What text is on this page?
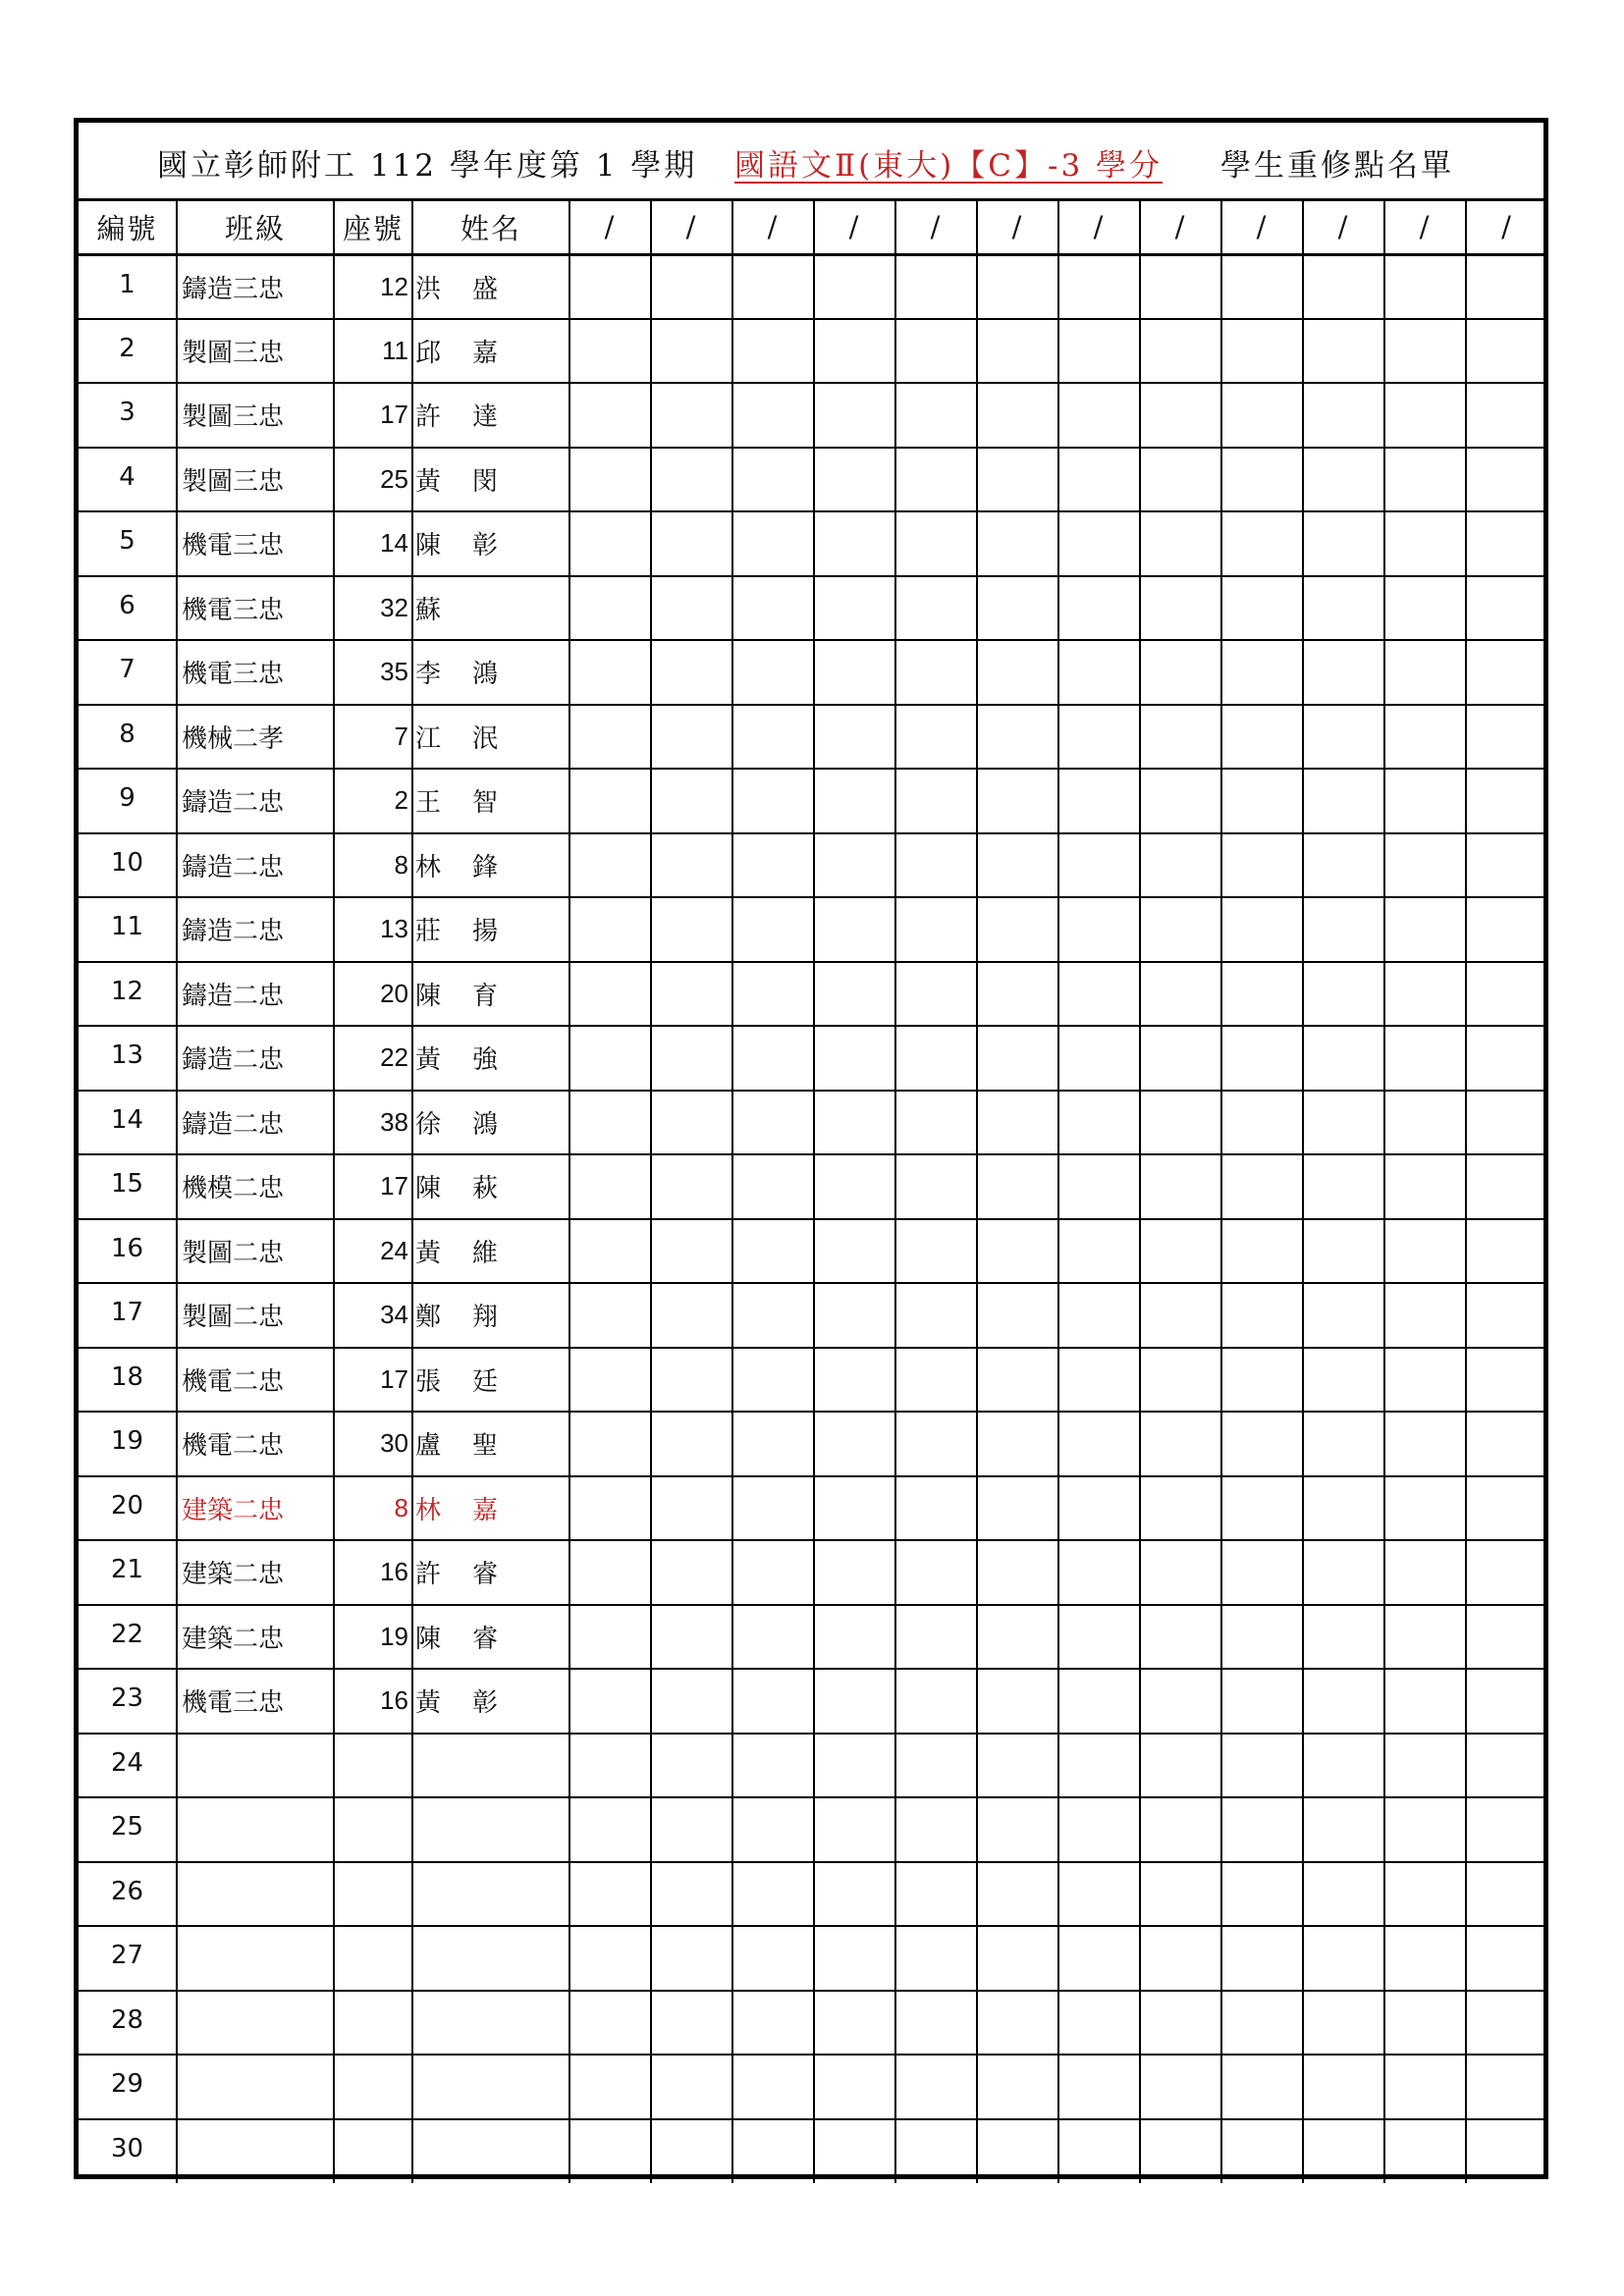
國立彰師附工 112 學年度第 1 學期 國語文Ⅱ(東大)【C】-3 學分 學生重修點名單
編號	班級	座號	姓名	/	/	/	/	/	/	/	/	/	/	/	/
1	鑄造三忠	12	洪 盛												
2	製圖三忠	11	邱 嘉												
3	製圖三忠	17	許 達												
4	製圖三忠	25	黃 閔												
5	機電三忠	14	陳 彰												
6	機電三忠	32	蘇												
7	機電三忠	35	李 鴻												
8	機械二孝	7	江 泯												
9	鑄造二忠	2	王 智												
10	鑄造二忠	8	林 鋒												
11	鑄造二忠	13	莊 揚												
12	鑄造二忠	20	陳 育												
13	鑄造二忠	22	黃 強												
14	鑄造二忠	38	徐 鴻												
15	機模二忠	17	陳 萩												
16	製圖二忠	24	黃 維												
17	製圖二忠	34	鄭 翔												
18	機電二忠	17	張 廷												
19	機電二忠	30	盧 聖												
20	建築二忠	8	林 嘉												
21	建築二忠	16	許 睿												
22	建築二忠	19	陳 睿												
23	機電三忠	16	黃 彰												
24															
25															
26															
27															
28															
29															
30															
